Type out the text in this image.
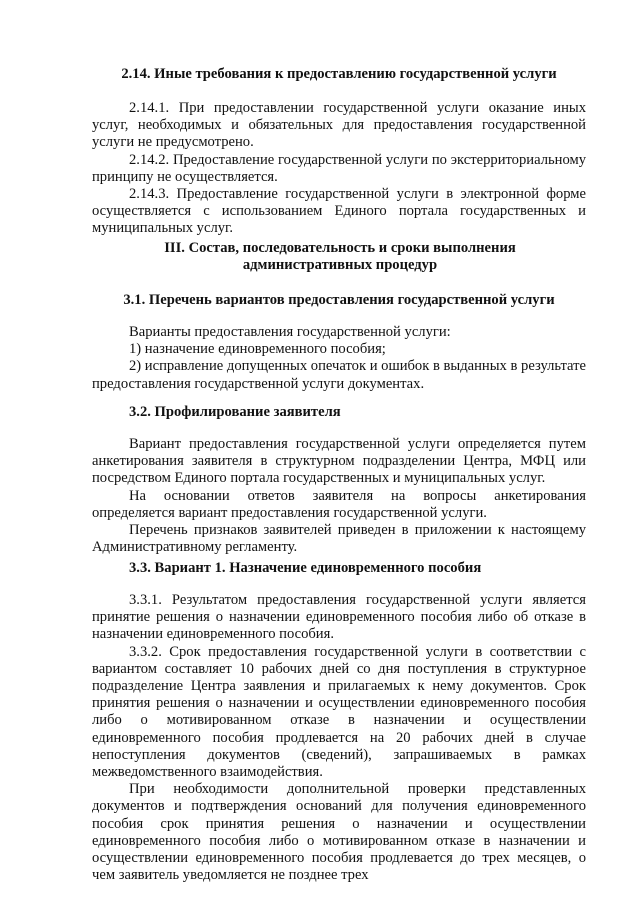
2.14. Иные требования к предоставлению государственной услуги

2.14.1. При предоставлении государственной услуги оказание иных услуг, необходимых и обязательных для предоставления государственной услуги не предусмотрено.

2.14.2. Предоставление государственной услуги по экстерриториальному принципу не осуществляется.

2.14.3. Предоставление государственной услуги в электронной форме осуществляется с использованием Единого портала государственных и муниципальных услуг.

III. Состав, последовательность и сроки выполнения административных процедур

3.1. Перечень вариантов предоставления государственной услуги

Варианты предоставления государственной услуги:

1) назначение единовременного пособия;

2) исправление допущенных опечаток и ошибок в выданных в результате предоставления государственной услуги документах.

3.2. Профилирование заявителя

Вариант предоставления государственной услуги определяется путем анкетирования заявителя в структурном подразделении Центра, МФЦ или посредством Единого портала государственных и муниципальных услуг.

На основании ответов заявителя на вопросы анкетирования определяется вариант предоставления государственной услуги.

Перечень признаков заявителей приведен в приложении к настоящему Административному регламенту.

3.3. Вариант 1. Назначение единовременного пособия

3.3.1. Результатом предоставления государственной услуги является принятие решения о назначении единовременного пособия либо об отказе в назначении единовременного пособия.

3.3.2. Срок предоставления государственной услуги в соответствии с вариантом составляет 10 рабочих дней со дня поступления в структурное подразделение Центра заявления и прилагаемых к нему документов. Срок принятия решения о назначении и осуществлении единовременного пособия либо о мотивированном отказе в назначении и осуществлении единовременного пособия продлевается на 20 рабочих дней в случае непоступления документов (сведений), запрашиваемых в рамках межведомственного взаимодействия.

При необходимости дополнительной проверки представленных документов и подтверждения оснований для получения единовременного пособия срок принятия решения о назначении и осуществлении единовременного пособия либо о мотивированном отказе в назначении и осуществлении единовременного пособия продлевается до трех месяцев, о чем заявитель уведомляется не позднее трех
